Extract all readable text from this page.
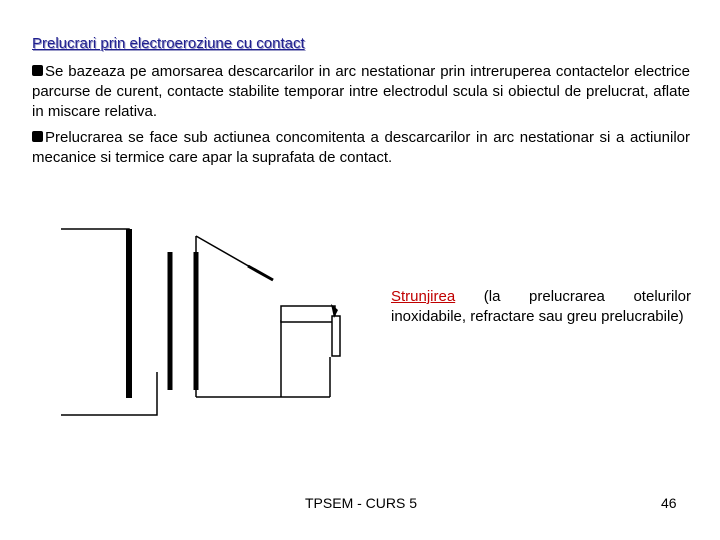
Prelucrari prin electroeroziune cu contact
Se bazeaza pe amorsarea descarcarilor in arc nestationar prin intreruperea contactelor electrice parcurse de curent, contacte stabilite temporar intre electrodul scula si obiectul de prelucrat, aflate in miscare relativa.
Prelucrarea se face sub actiunea concomitenta a descarcarilor in arc nestationar si a actiunilor mecanice si termice care apar la suprafata de contact.
Strunjirea (la prelucrarea otelurilor inoxidabile, refractare sau greu prelucrabile)
TPSEM - CURS 5	46
